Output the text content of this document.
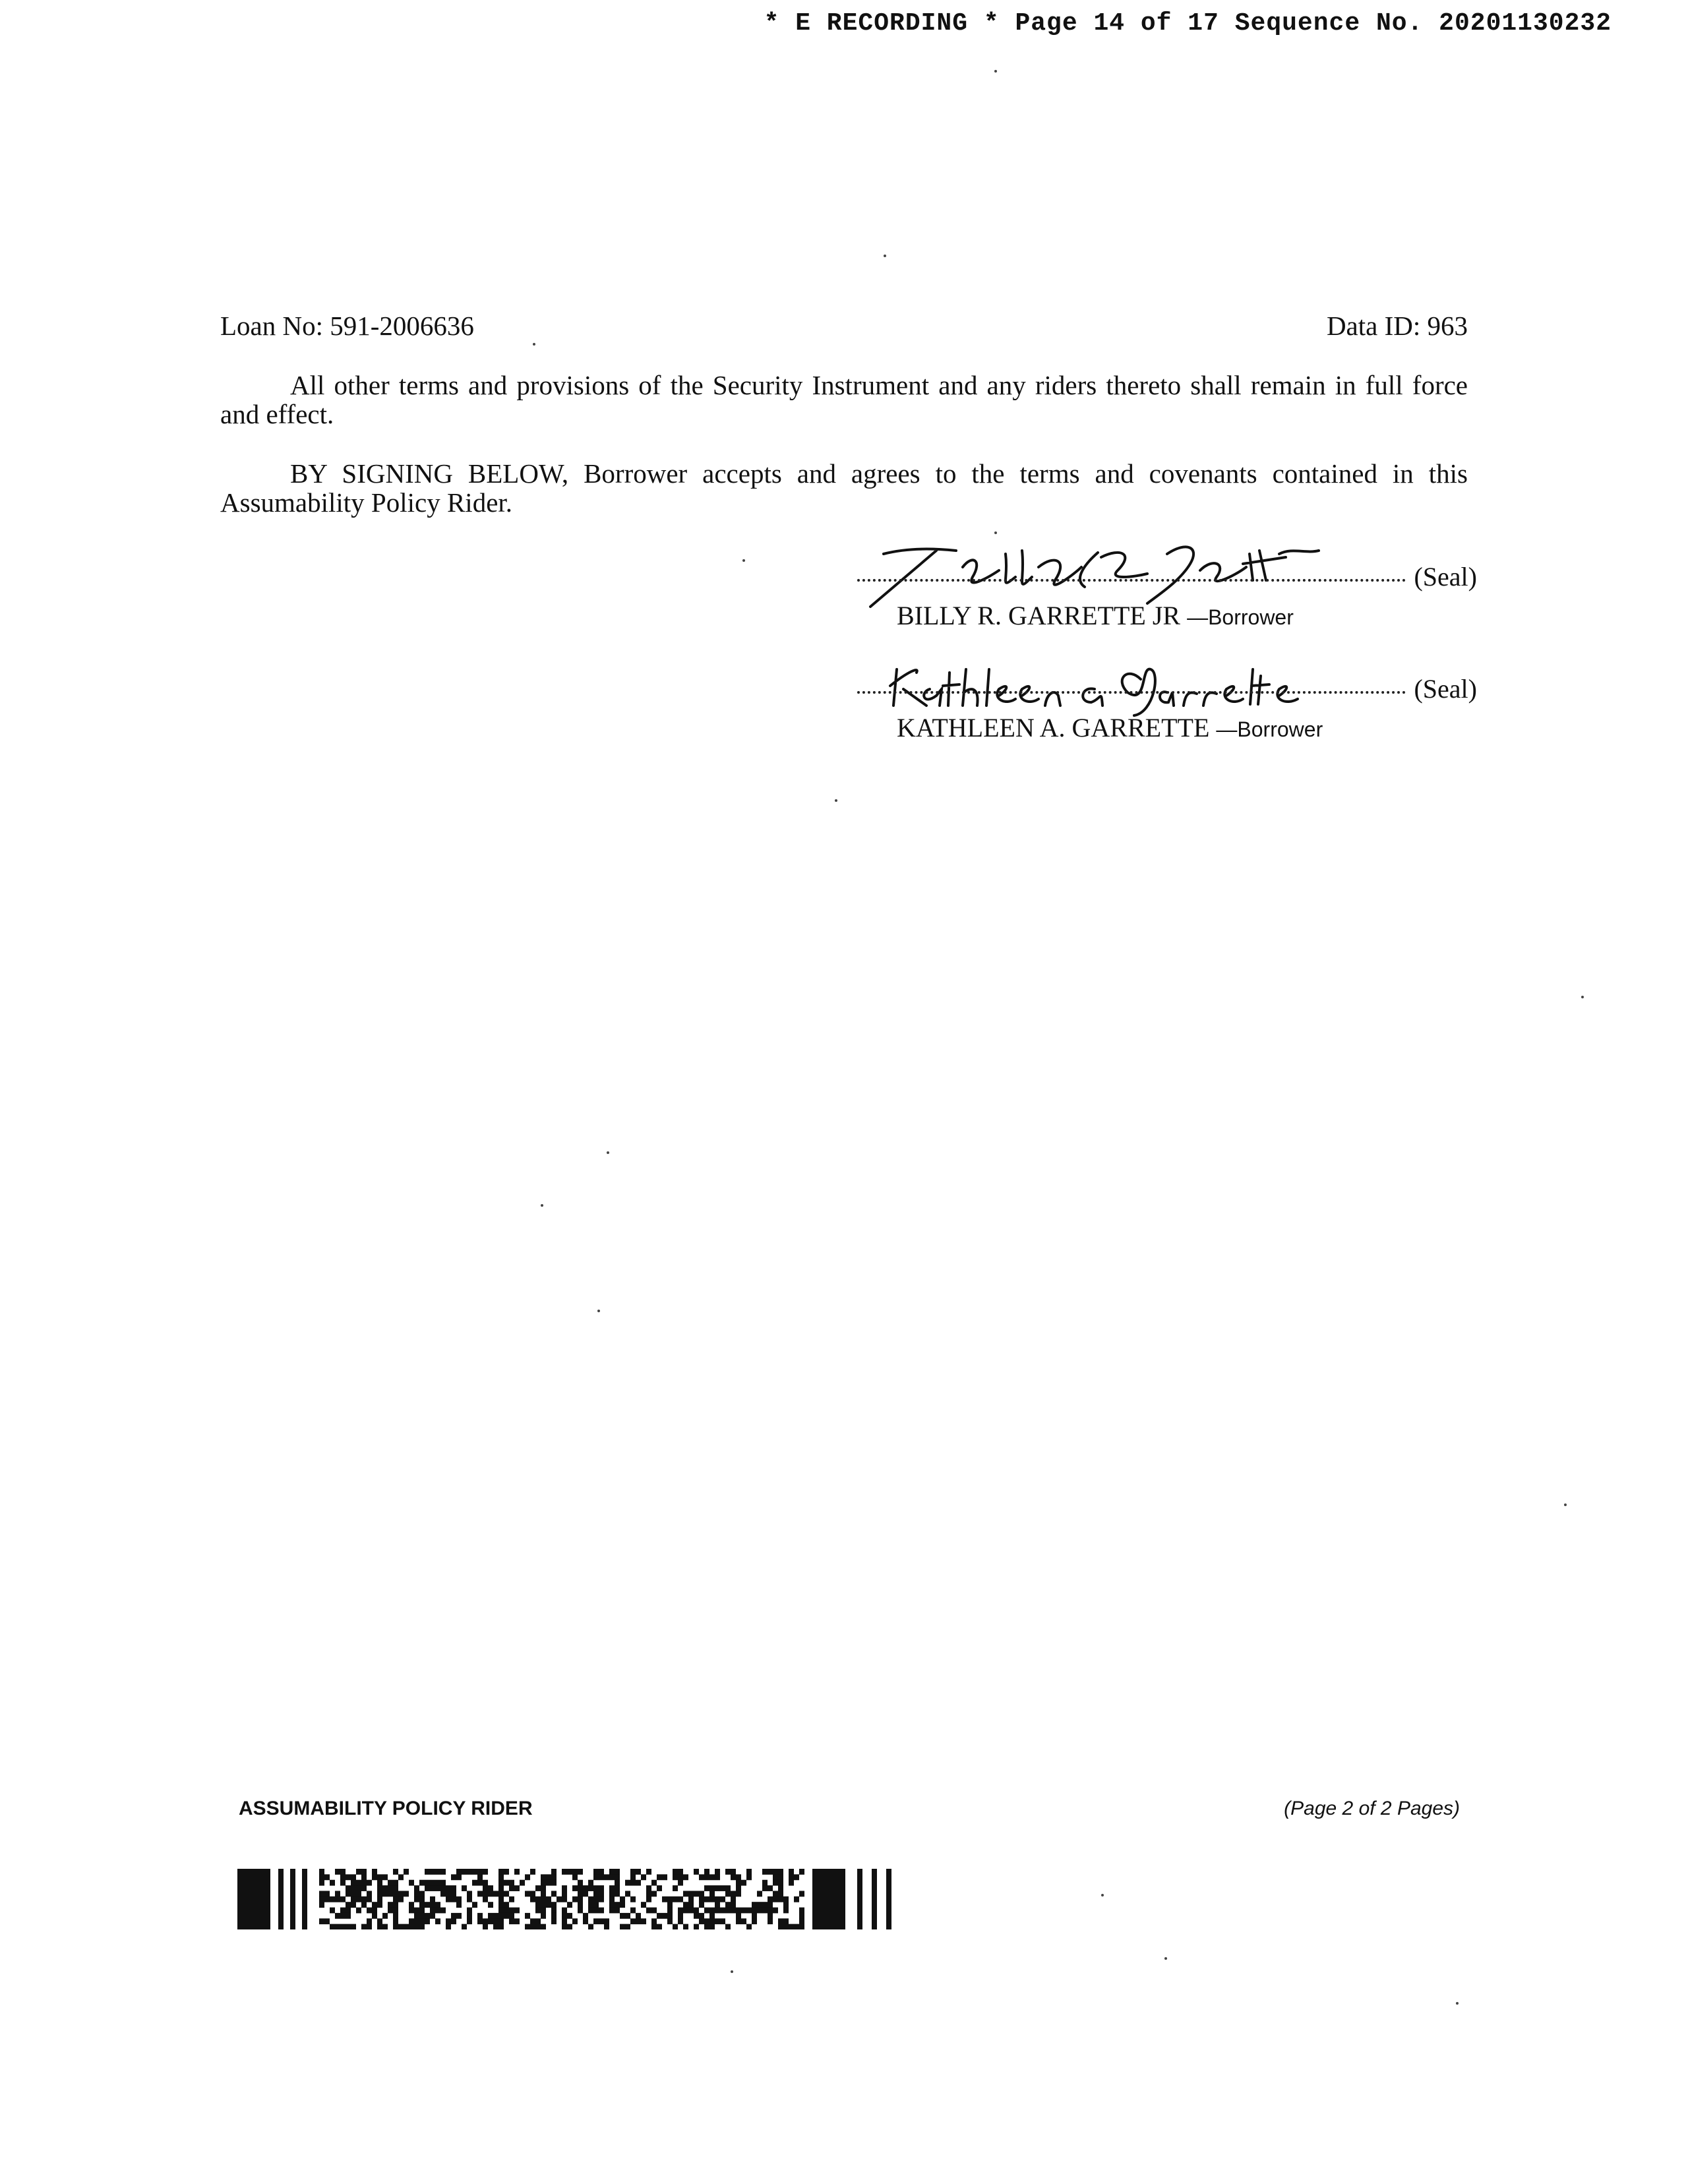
* E RECORDING * Page 14 of 17 Sequence No. 20201130232
Loan No: 591-2006636	Data ID: 963

All other terms and provisions of the Security Instrument and any riders thereto shall remain in full force and effect.

BY SIGNING BELOW, Borrower accepts and agrees to the terms and covenants contained in this Assumability Policy Rider.

(Seal)
BILLY R. GARRETTE JR —Borrower
(Seal)
KATHLEEN A. GARRETTE —Borrower
ASSUMABILITY POLICY RIDER	(Page 2 of 2 Pages)
